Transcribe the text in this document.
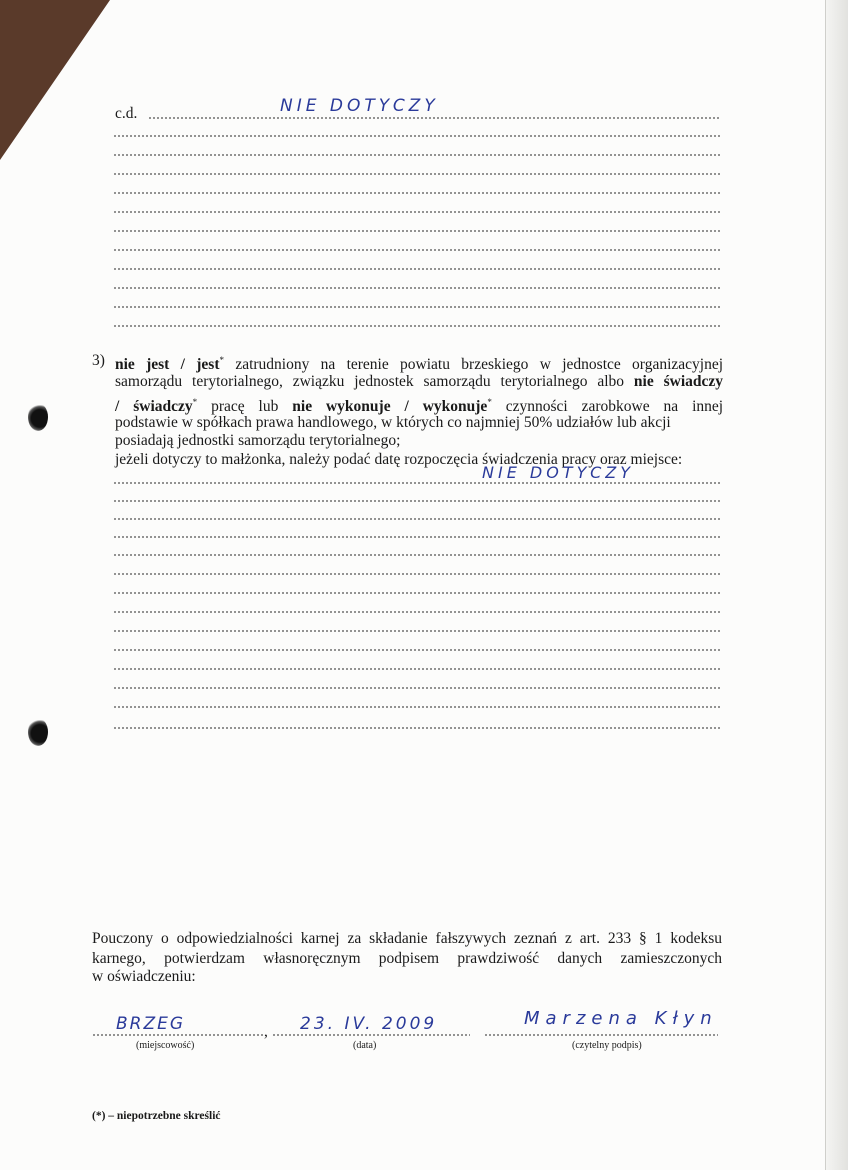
c.d.	NIE DOTYCZY
3) nie jest / jest* zatrudniony na terenie powiatu brzeskiego w jednostce organizacyjnej
samorządu terytorialnego, związku jednostek samorządu terytorialnego albo nie świadczy
/ świadczy* pracę lub nie wykonuje / wykonuje* czynności zarobkowe na innej
podstawie w spółkach prawa handlowego, w których co najmniej 50% udziałów lub akcji
posiadają jednostki samorządu terytorialnego;
jeżeli dotyczy to małżonka, należy podać datę rozpoczęcia świadczenia pracy oraz miejsce:
NIE DOTYCZY
Pouczony o odpowiedzialności karnej za składanie fałszywych zeznań z art. 233 § 1 kodeksu
karnego, potwierdzam własnoręcznym podpisem prawdziwość danych zamieszczonych
w oświadczeniu:
,
BRZEG
(miejscowość)
23. IV. 2009
(data)
Marzena Kłyn
(czytelny podpis)
(*) – niepotrzebne skreślić
